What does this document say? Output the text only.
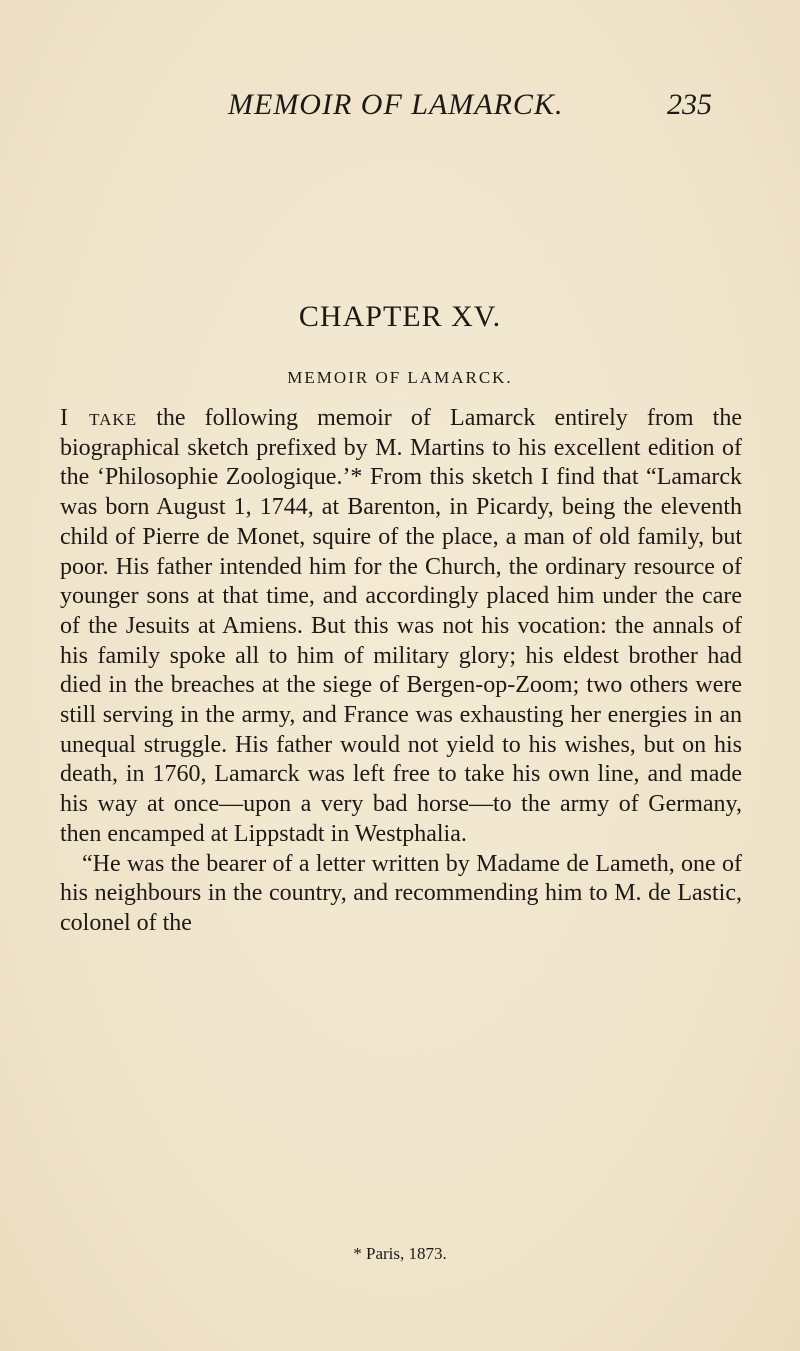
MEMOIR OF LAMARCK.	235
CHAPTER XV.
MEMOIR OF LAMARCK.

I take the following memoir of Lamarck entirely from the biographical sketch prefixed by M. Martins to his excellent edition of the ‘Philosophie Zoologique.’* From this sketch I find that “Lamarck was born August 1, 1744, at Barenton, in Picardy, being the eleventh child of Pierre de Monet, squire of the place, a man of old family, but poor. His father intended him for the Church, the ordinary resource of younger sons at that time, and accordingly placed him under the care of the Jesuits at Amiens. But this was not his vocation: the annals of his family spoke all to him of military glory; his eldest brother had died in the breaches at the siege of Bergen-op-Zoom; two others were still serving in the army, and France was exhausting her energies in an unequal struggle. His father would not yield to his wishes, but on his death, in 1760, Lamarck was left free to take his own line, and made his way at once—upon a very bad horse—to the army of Germany, then encamped at Lippstadt in Westphalia.

“He was the bearer of a letter written by Madame de Lameth, one of his neighbours in the country, and recommending him to M. de Lastic, colonel of the

* Paris, 1873.
